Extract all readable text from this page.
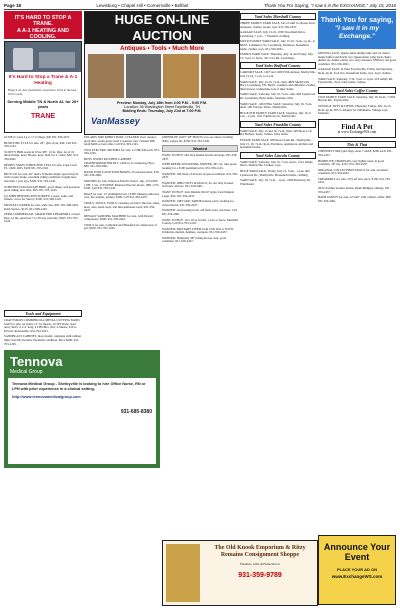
Page 18	Lewisburg • Chapel Hill • Cornersville • Belfast	Thank You For Saying, "I saw it in the EXCHANGE," July 15, 2016
IT'S HARD TO STOP A TRANE.
A A-1 HEATING AND COOLING.
It's Hard to Stop a Trane & A-1 Heating
Bring it on. Any installation. Anywhere. Even in the heat. We're ready.
Serving Middle TN & North AL for 20+ years
TRANE

GUDE (C) size Lg 2, 17 xl mugs, $20 931-359-2437

HUSKY BICYCLE for sale, 26", girls style, $40. Call 931-359-1145.

SCOTT'S HDR seeds in USA, $8+. 10 in. files; lot of 19 mixed mugs; keys; Books; keys, mail for 3, cutter, $20. 931-359-2061

DISNEY SNOW WHITE BOX CELS for sale, Cape Coral FL. 1920-1925, $100 931-703-2321

BICYCLE for sale, 26" men's Schwinn single speed bicycle with coaster brake, excellent riding condition; bought new, less than 1 year ago, $100. 931-703-1245.

SCHWINN COLLEGIATE BIKE, good shape, self-powered, good riding; new tires, $65. 931-703-1245.

(2) JOHN BENSINGTON SURREY, 2 seats, paint, and wheels, cover for Surrey, $100. 931-598-1245.

MUZZLE LOADER for sale, with case, $95. 931-598-2461. Point Spruce, $125; 931-598-1245.

ZERO-COMMERCIAL GRADE PRO TREADMILL owned 8yrs; 12 mi, speed per 7 to 30 day warranty; $625. 931-703-1441.

Tools and Equipment

CRAFTSMAN COMMERCIAL METAL CUTTING BAND SAW for sale, on stand, 12" by means, 10 TPI blade, used once, $225. 2-1/4" long, 2 LBS/Box, $10; 2-Sheets, $10 to $15/set. Reasonable; 931-703-2321.

SANDBLAST CABINET, floor model, complete with cabinet light; Sand & Vacuum. Excellent condition. Price $200. 931-703-1245.

Tennova
Medical Group
Tennova Medical Group - Shelbyville is looking to hire Office Nurse, RN or LPN with prior experience in a clinical setting.
http://www.tennovamedicalgroup.com
931-685-8380

POLARIS 5000 ROBOT POOL CLEANER, Pool cleaner; great unit, works great; used 2 seasons; new cleaners 800 retail $400 or best offer. Call 931-359-1145.

TWO ELECTRIC MOTORS for sale, 1/2 HP, $40 each. 931-359-1245.

BUSY OVERS KITCHEN CABINET TRANSFORMATION KIT, 1,000 sq ft countertops 8yrs, $80. 931-359-2061.

HAND TOOLS AND TOOLBOXES, all assorted sizes, $10; 931-359-2061.

MOTORS for sale, Emerson Electric motor, 1hp, 115/230V, 1 PH, 1.5A, 1725 RPM; Emerson Electric motor, 1HP, 1725, $100. Call 931-703-1245.

BOAT for sale, 12' aluminum boat, 16 HP Johnson outboard, oars, life jackets, anchor; $300. Call 931-359-2437.

TOOLS, TOOLS, TOOLS, cleaning out barn. Shovels, rakes, hoes, axes, hand tools, and miscellaneous tools; 931-359-2437.

DEWALT SANDING MACHINE for sale, with Dewalt compressor; $200. 931-359-2461.

TOOLS for sale, Campbell and Hausfeld air compressor, 6 gal; $100. 931-703-1245.

HUGE ON-LINE AUCTION
Antiques • Tools • Much More
Preview: Monday, July 18th from 3:00 P.M. - 5:00 P.M.
Location: 36 Washington Street Fayetteville, TN
Bidding Ends: Thursday, July 21st at 7:00 P.M.
VanMassey

GREENLEE 16207 3/8" BOLTS; two-sn cutters; holding drills; square bit; $150; 931-703-1245.

Wanted

WANT TO BUY: Old Jack Daniel bottles and jugs. 931-359-2437.

JOHN DEERE 4100 RIDING MOWER, 48" cut, runs good; looking for a $100 premium price. 931-359-1145.

WANTED: Old chest of drawers in good condition. 931-359-2437.

WANTED: OHIO TOYS & DOLLS, for our lady in need, both new and use. 931-359-2461.

WANT TO BUY: Jack Daniels Old #7 signs; Jack Daniels Lager, $50. 931-359-2437.

WANTED: 1983 GMC TAHOE interior parts; looking for clean interior. 931-359-2437.

WANTED: old pressing irons, old farm tools, sad irons. Call 931-359-2061.

WANT TO BUY: 10 x 10 sq ft land, 1 acre or more, Marshall County. Call 931-703-1245.

WANTED: MILITARY ITEMS from Civil War to WWII. Uniforms, medals, helmets, weapons. 931-359-2437.

WANTED: Simplicity 48" riding mower, belt, good condition. 931-359-2437.

The Old Knook Emporium & Ritzy Remains Consignment Shoppe
Furniture, Gifts, & Home Decor!
931-359-9789
Yard Sales Marshall County

THREE FAMILY YARD SALE, lots of stuff to choose from, Antiques, clothes, books, toys. 931-359-2437.

GARAGE SALE, July 15-16, 1030 Woodland Drive, Lewisburg, 7 a.m. - ? Women's clothing.

MULTI FAMILY YARD SALE, July 15-16, 7a.m.-1 p.m., at 600 E. Commerce St., Lewisburg. Furniture, household items, clothes, toys. 931-359-2061.

FAMILY YARD SALE, Thursday, July 14 and Friday, July 15, 7a.m. to 3p.m., 321 Cart Rd, Lewisburg.

Yard Sales Bedford County

CARPORT SALE, 1207 and 1209 Fifth Avenue, Shelbyville, July 15-16, 7 a.m. to 2 p.m.

YARD SALE, July 15-16, 7a.m.-3pm, 4800 Shelbyville Hwy, Lewisburg, TN. Men's, women's and children's clothes, mini mower, trampoline, lots of misc items.

YARD SALE, Saturday, July 16, 7a.m.-1pm, 904 Lynnwood Dr, Lewisburg. Baby items, furniture, misc.

YARD SALE - MOVING SALE, Saturday, July 16, 7a.m. until; 100 Fairway Drive, Shelbyville.

HUGE 6TH FAMILY YARD SALE, Saturday, July 16, 6 a.m. - 2 p.m. 1911 Fairhaven Ln, Shelbyville.

Yard Sales Franklin County

YARD SALE, July 15 and 16, 7a.m.-3pm, 548 Mose Coll Rd, Belfast. Tools, clothes, baby items.

ESTATE YARD SALE, 508 Rose Creek Rd., Shelbyville. July 15, 16, 7a.m.-3p.m. Furniture, appliances, kitchen and household items.

Yard Sales Lincoln County

YARD SALE, Saturday, July 16, 7a.m.-2p.m., 1212 Maple Drive, Shelbyville. Clothes, toys.

HUGE YARD SALE, Friday, July 15, 7a.m. - 1p.m. 402 Lynnwood Dr., Shelbyville. Household items, clothing.

YARD SALE, July 16, 7a.m. - 1p.m., 1000 Dunaway Dr, Winchester.

Announce Your Event
PLACE YOUR AD ON
www.ExchangeWS.com
Thank You for saying,
"I saw it in my Exchange."

MOVING SALE, Queen Anne dining table and six chairs; maple buffet and hutch; two Queen Anne wing back chairs; dinner set, dinner plates; two story dressers; $500/set, All good condition. 931-359-2061.

GARAGE SALE, in West Fayetteville, Friday and Saturday, 8a.m.-2p.m. Tool box, household items, toys, boys' clothes.

YARD SALE, Saturday, 7/16, 7a.m. to 1p.m. 218 Ashby Rd, Fayetteville. Toys, baby items, clothes.

Yard Sales Coffee County

TWO FAMILY YARD SALE, Saturday, July 16, 6a.m.-? 1004 Bryson Rd., Fayetteville.

VINTAGE TOYS & ITEMS, Thursday, Friday, July 14-15, 8a.m.-2p.m. 305 S. Atlantic St. Tullahoma. Vintage toys, furniture.

Find A Pet
at www.ExchangeWS.com
This & That

2 BENNETT 8KP gold rings, sizes 7 and 8, $200 each. 931-359-2437.

HOMELITE CHAINSAW, very lightly used, in good condition, 18" bar. $125. 931-359-2437.

ORIGINAL COLLECTIBLE DOLLS for sale, excellent condition; 931-359-2061.

TREADMILL for sale, 25% off new price; $150. 931-703-2321.

OLD watches around, Rolex, Patek Philippe, Omega. 931-359-2437.

BATH VANITY for sale, 22"x49" with cabinet, white, $80. 931-359-2461.
